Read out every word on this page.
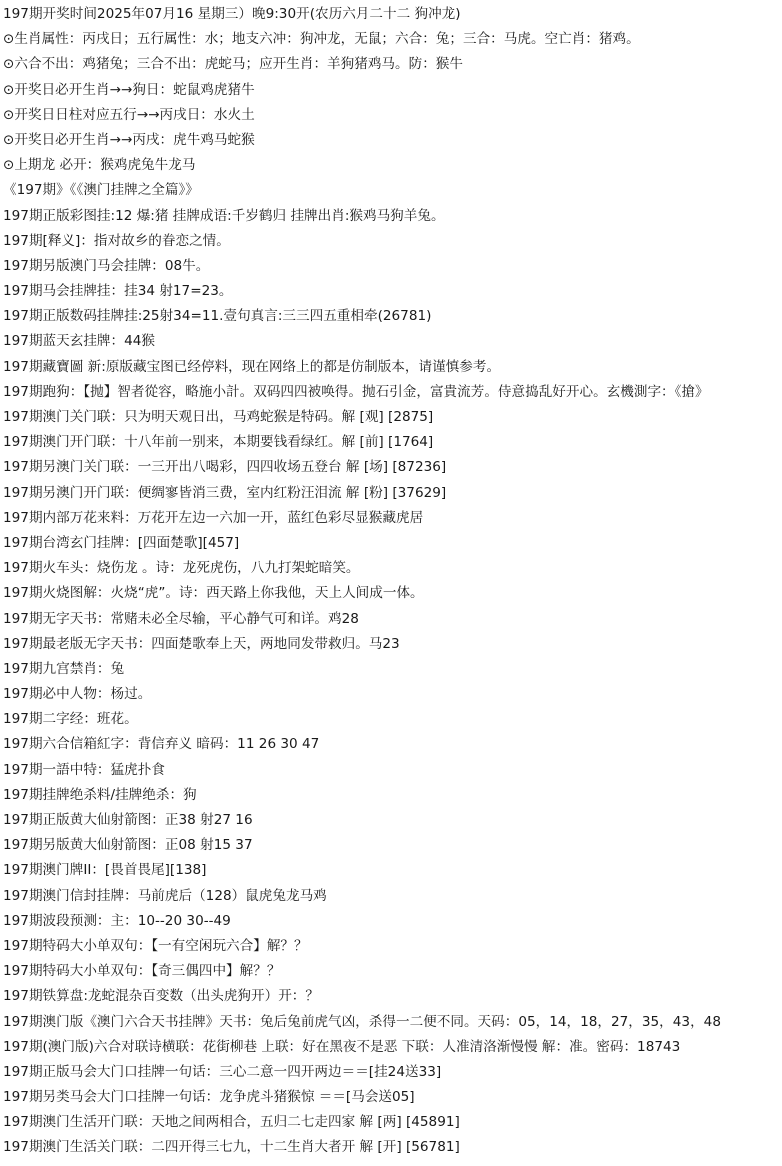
197期开奖时间2025年07月16 星期三）晚9:30开(农历六月二十二 狗冲龙)
⊙生肖属性：丙戌日；五行属性：水；地支六冲：狗冲龙，无鼠；六合：兔；三合：马虎。空亡肖：猪鸡。
⊙六合不出：鸡猪兔；三合不出：虎蛇马；应开生肖：羊狗猪鸡马。防：猴牛
⊙开奖日必开生肖→→狗日：蛇鼠鸡虎猪牛
⊙开奖日日柱对应五行→→丙戌日：水火土
⊙开奖日必开生肖→→丙戌：虎牛鸡马蛇猴
⊙上期龙 必开：猴鸡虎兔牛龙马
《197期》《《澳门挂牌之全篇》》
197期正版彩图挂:12 爆:猪 挂牌成语:千岁鹤归 挂牌出肖:猴鸡马狗羊兔。
197期[释义]：指对故乡的眷恋之情。
197期另版澳门马会挂牌：08牛。
197期马会挂牌挂：挂34 射17=23。
197期正版数码挂牌挂:25射34=11.壹句真言:三三四五重相牵(26781)
197期蓝天玄挂牌：44猴
197期藏寶圖 新:原版藏宝图已经停料，现在网络上的都是仿制版本，请谨慎参考。
197期跑狗：【抛】智者從容，略施小計。双码四四被唤得。抛石引金，富貴流芳。侍意捣乱好开心。玄機測字：《搶》
197期澳门关门联：只为明天观日出，马鸡蛇猴是特码。解 [观] [2875]
197期澳门开门联：十八年前一别来，本期要钱看绿红。解 [前] [1764]
197期另澳门关门联：一三开出八喝彩，四四收场五登台 解 [场] [87236]
197期另澳门开门联：便绸寥皆消三费，室内红粉汪泪流 解 [粉] [37629]
197期内部万花来料：万花开左边一六加一开，蓝红色彩尽显猴藏虎居
197期台湾玄门挂牌：[四面楚歌][457]
197期火车头：烧伤龙 。诗：龙死虎伤，八九打架蛇暗笑。
197期火烧图解：火烧“虎”。诗：西天路上你我他，天上人间成一体。
197期无字天书：常赌未必全尽输，平心静气可和详。鸡28
197期最老版无字天书：四面楚歌奉上天，两地同发带救归。马23
197期九宫禁肖：兔
197期必中人物：杨过。
197期二字经：班花。
197期六合信箱紅字：背信弃义 暗码：11 26 30 47
197期一語中特：猛虎扑食
197期挂牌绝杀料/挂牌绝杀：狗
197期正版黄大仙射箭图：正38 射27 16
197期另版黄大仙射箭图：正08 射15 37
197期澳门牌II：[畏首畏尾][138]
197期澳门信封挂牌：马前虎后（128）鼠虎兔龙马鸡
197期波段预测：主：10--20 30--49
197期特码大小单双句：【一有空闲玩六合】解？？
197期特码大小单双句：【奇三偶四中】解？？
197期铁算盘:龙蛇混杂百变数（出头虎狗开）开：？
197期澳门版《澳门六合天书挂牌》天书：兔后兔前虎气凶，杀得一二便不同。天码：05，14，18，27，35，43，48
197期(澳门版)六合对联诗横联：花街柳巷 上联：好在黑夜不是恶 下联：人准清洛渐慢慢 解：准。密码：18743
197期正版马会大门口挂牌一句话：三心二意一四开两边＝＝[挂24送33]
197期另类马会大门口挂牌一句话：龙争虎斗猪猴惊 ＝＝[马会送05]
197期澳门生活开门联：天地之间两相合，五归二七走四家 解 [两] [45891]
197期澳门生活关门联：二四开得三七九，十二生肖大者开 解 [开] [56781]
